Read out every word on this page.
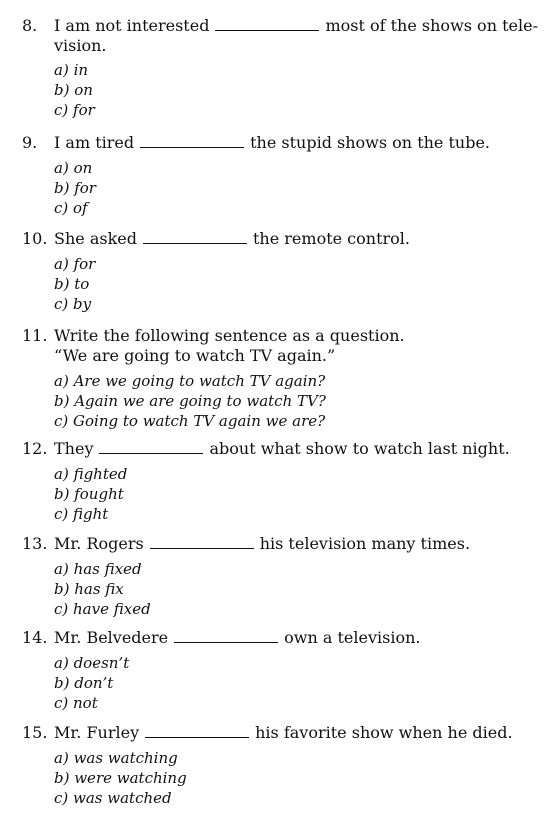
8. I am not interested	most of the shows on tele-
vision.
a) in
b) on
c) for
9. I am tired	the stupid shows on the tube.
a) on
b) for
c) of
10. She asked	the remote control.
a) for
b) to
c) by
11. Write the following sentence as a question.
“We are going to watch TV again.”
a) Are we going to watch TV again?
b) Again we are going to watch TV?
c) Going to watch TV again we are?
12. They	about what show to watch last night.
a) fighted
b) fought
c) fight
13. Mr. Rogers	his television many times.
a) has fixed
b) has fix
c) have fixed
14. Mr. Belvedere	own a television.
a) doesn’t
b) don’t
c) not
15. Mr. Furley	his favorite show when he died.
a) was watching
b) were watching
c) was watched
